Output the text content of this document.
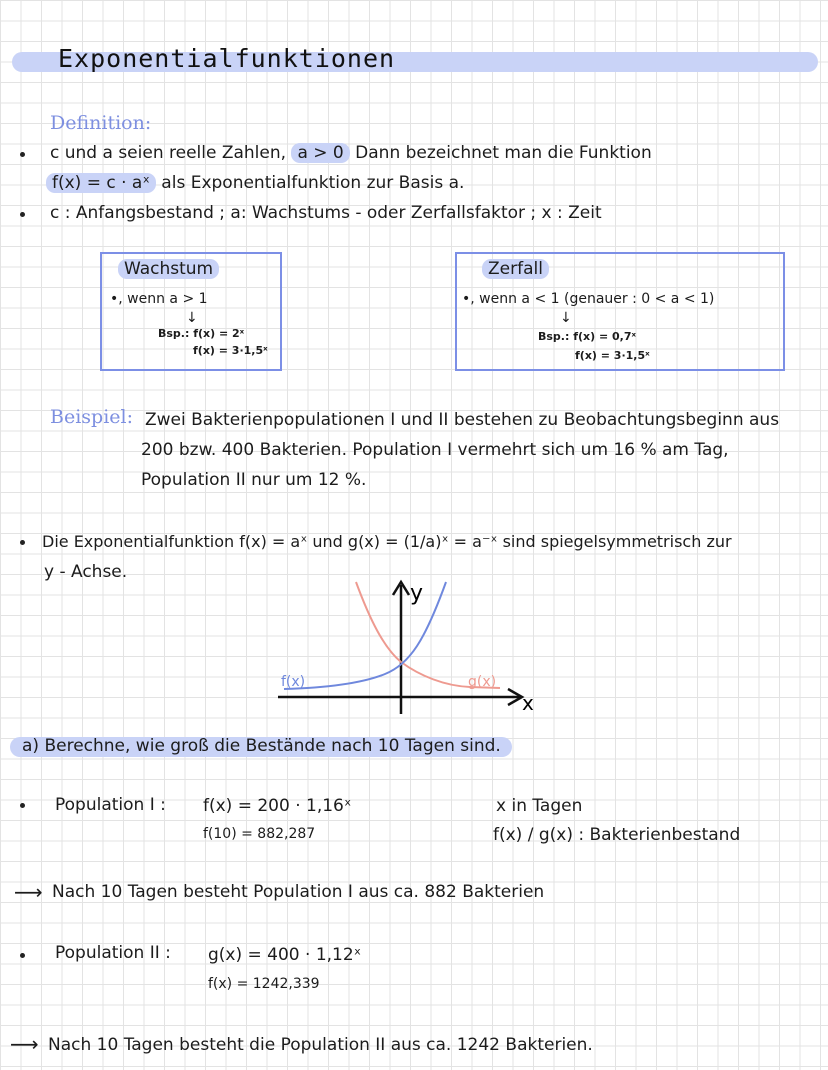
Exponentialfunktionen
Definition:
c und a seien reelle Zahlen, a > 0 Dann bezeichnet man die Funktion
f(x) = c · aˣ als Exponentialfunktion zur Basis a.
c : Anfangsbestand ; a: Wachstums - oder Zerfallsfaktor ; x : Zeit
Wachstum
•, wenn a > 1
↓
Bsp.: f(x) = 2ˣ
f(x) = 3·1,5ˣ
Zerfall
•, wenn a < 1 (genauer : 0 < a < 1)
↓
Bsp.: f(x) = 0,7ˣ
f(x) = 3·1,5ˣ
Beispiel: Zwei Bakterienpopulationen I und II bestehen zu Beobachtungsbeginn aus
200 bzw. 400 Bakterien. Population I vermehrt sich um 16 % am Tag,
Population II nur um 12 %.
Die Exponentialfunktion f(x) = aˣ und g(x) = (1/a)ˣ = a⁻ˣ sind spiegelsymmetrisch zur
y - Achse.
y
x
f(x)	g(x)
a) Berechne, wie groß die Bestände nach 10 Tagen sind.
Population I : f(x) = 200 · 1,16ˣ
f(10) = 882,287
x in Tagen
f(x) / g(x) : Bakterienbestand
⟶ Nach 10 Tagen besteht Population I aus ca. 882 Bakterien
Population II : g(x) = 400 · 1,12ˣ
f(x) = 1242,339
⟶ Nach 10 Tagen besteht die Population II aus ca. 1242 Bakterien.
